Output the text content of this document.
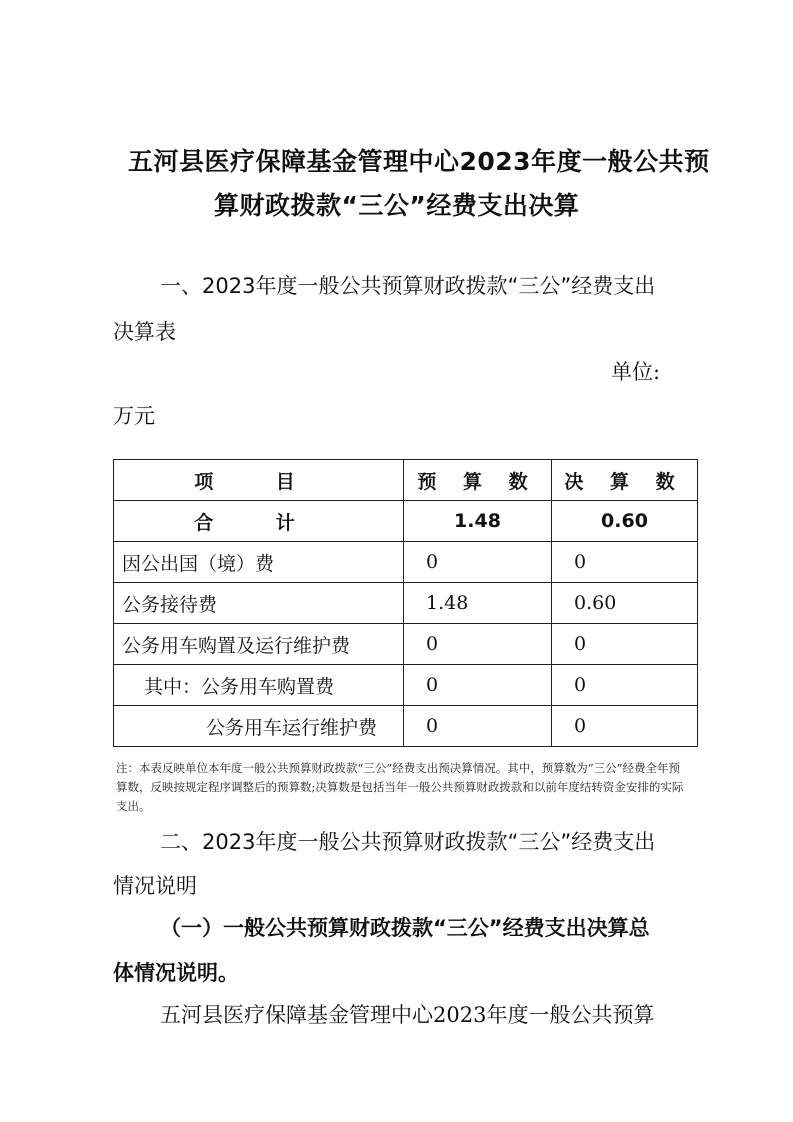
五河县医疗保障基金管理中心2023年度一般公共预
算财政拨款“三公”经费支出决算
一、2023年度一般公共预算财政拨款“三公”经费支出
决算表
单位:
万元
项 目	预 算 数	决 算 数
合 计	1.48	0.60
因公出国（境）费	0	0
公务接待费	1.48	0.60
公务用车购置及运行维护费	0	0
其中：公务用车购置费	0	0
公务用车运行维护费	0	0
注：本表反映单位本年度一般公共预算财政拨款“三公”经费支出预决算情况。其中，预算数为“三公”经费全年预算数，反映按规定程序调整后的预算数;决算数是包括当年一般公共预算财政拨款和以前年度结转资金安排的实际支出。
二、2023年度一般公共预算财政拨款“三公”经费支出
情况说明
（一）一般公共预算财政拨款“三公”经费支出决算总
体情况说明。
五河县医疗保障基金管理中心2023年度一般公共预算
